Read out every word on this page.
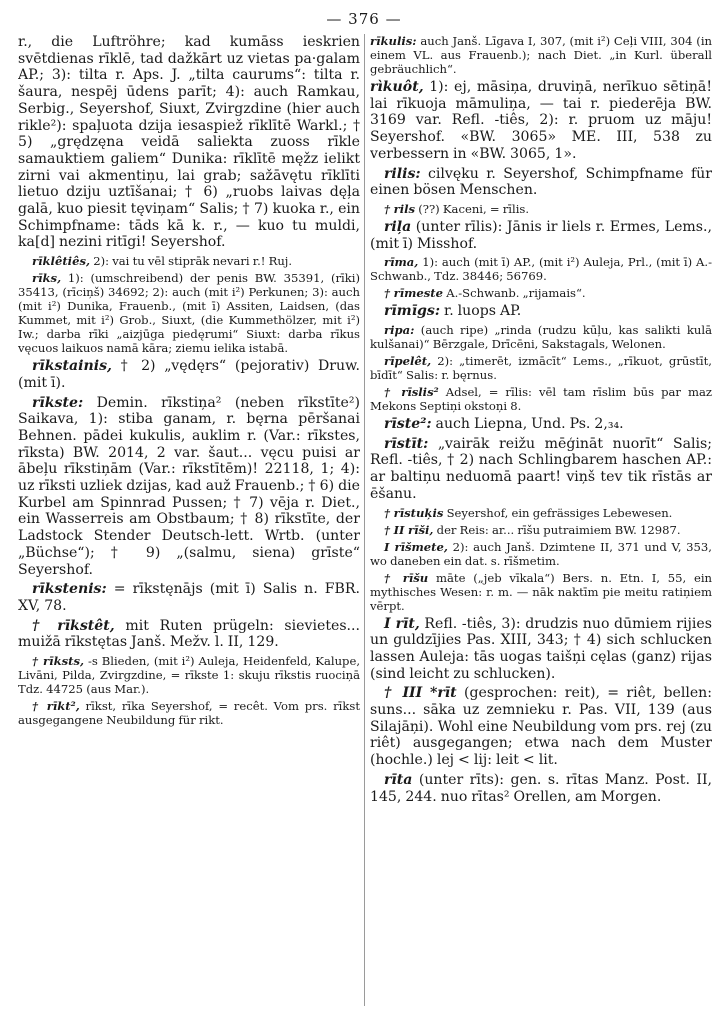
— 376 —

r., die Luftröhre; kad kumāss ieskrien svētdienas rīklē, tad dažkārt uz vietas pa·galam AP.; 3): tilta r. Aps. J. „tilta caurums“: tilta r. šaura, nespēj ūdens parīt; 4): auch Ramkau, Serbig., Seyershof, Siuxt, Zvirgzdine (hier auch rikle²): spaļuota dzija iesaspiež rīklītē Warkl.; † 5) „grędzęna veidā saliekta zuoss rīkle samauktiem galiem“ Dunika: rīklītē męžz ielikt zirni vai akmentiņu, lai grab; sažāvętu rīklīti lietuo dziju uztīšanai; † 6) „ruobs laivas dęļa galā, kuo piesit tęviņam“ Salis; † 7) kuoka r., ein Schimpfname: tāds kā k. r., — kuo tu muldi, ka[d] nezini ritīgi! Seyershof.

rīklêtiês, 2): vai tu vēl stiprāk nevari r.! Ruj.

rīks, 1): (umschreibend) der penis BW. 35391, (rīki) 35413, (rīciņš) 34692; 2): auch (mit i²) Perkunen; 3): auch (mit i²) Dunika, Frauenb., (mit ī) Assiten, Laidsen, (das Kummet, mit i²) Grob., Siuxt, (die Kummethölzer, mit i²) Iw.; darba rīki „aizjūga piedęrumi“ Siuxt: darba rīkus vęcuos laikuos namā kāra; ziemu ielika istabā.

rīkstainis, † 2) „vędęrs“ (pejorativ) Druw. (mit ī).

rīkste: Demin. rīkstiņa² (neben rīkstīte²) Saikava, 1): stiba ganam, r. bęrna pēršanai Behnen. pādei kukulis, auklim r. (Var.: rīkstes, rīksta) BW. 2014, 2 var. šaut... vęcu puisi ar ābeļu rīkstiņām (Var.: rīkstītēm)! 22118, 1; 4): uz rīksti uzliek dzijas, kad auž Frauenb.; † 6) die Kurbel am Spinnrad Pussen; † 7) vēja r. Diet., ein Wasserreis am Obstbaum; † 8) rīkstīte, der Ladstock Stender Deutsch-lett. Wrtb. (unter „Büchse“); † 9) „(salmu, siena) grīste“ Seyershof.

rīkstenis: = rīkstęnājs (mit ī) Salis n. FBR. XV, 78.

† rīkstêt, mit Ruten prügeln: sievietes... muižā rīkstętas Janš. Mežv. l. II, 129.

† rīksts, -s Blieden, (mit i²) Auleja, Heidenfeld, Kalupe, Livāni, Pilda, Zvirgzdine, = rīkste 1: skuju rīkstis ruociņā Tdz. 44725 (aus Mar.).

† rīkt², rīkst, rīka Seyershof, = recêt. Vom prs. rīkst ausgegangene Neubildung für rikt.

rīkulis: auch Janš. Līgava I, 307, (mit i²) Ceļi VIII, 304 (in einem VL. aus Frauenb.); nach Diet. „in Kurl. überall gebräuchlich“.

rìkuôt, 1): ej, māsiņa, druviņā, nerīkuo sētiņā! lai rīkuoja māmuliņa, — tai r. piederēja BW. 3169 var. Refl. -tiês, 2): r. pruom uz māju! Seyershof. «BW. 3065» ME. III, 538 zu verbessern in «BW. 3065, 1».

rilis: cilvęku r. Seyershof, Schimpfname für einen bösen Menschen.

† rils (??) Kaceni, = rīlis.

riļa (unter rīlis): Jānis ir liels r. Ermes, Lems., (mit ī) Misshof.

rīma, 1): auch (mit ī) AP., (mit i²) Auleja, Prl., (mit ī) A.-Schwanb., Tdz. 38446; 56769.

† rīmeste A.-Schwanb. „rijamais“.

rīmīgs: r. luops AP.

ripa: (auch ripe) „rinda (rudzu kūļu, kas salikti kulā kulšanai)“ Bērzgale, Drīcēni, Sakstagals, Welonen.

rīpelêt, 2): „timerēt, izmācīt“ Lems., „rīkuot, grūstīt, bīdīt“ Salis: r. bęrnus.

† rīslis² Adsel, = rīlis: vēl tam rīslim būs par maz Mekons Septiņi okstoņi 8.

rīste²: auch Liepna, Und. Ps. 2,₃₄.

rīstīt: „vairāk reižu mēģināt nuorīt“ Salis; Refl. -tiês, † 2) nach Schlingbarem haschen AP.: ar baltiņu neduomā paart! viņš tev tik rīstās ar ēšanu.

† rīstuķis Seyershof, ein gefrässiges Lebewesen.

† II rīši, der Reis: ar... rīšu putraimiem BW. 12987.

I rīšmete, 2): auch Janš. Dzimtene II, 371 und V, 353, wo daneben ein dat. s. rīšmetim.

† rīšu māte („jeb vīkala“) Bers. n. Etn. I, 55, ein mythisches Wesen: r. m. — nāk naktīm pie meitu ratiņiem vērpt.

I rīt, Refl. -tiês, 3): drudzis nuo dūmiem rijies un guldzījies Pas. XIII, 343; † 4) sich schlucken lassen Auleja: tās uogas taišņi cęlas (ganz) rijas (sind leicht zu schlucken).

† III *rīt (gesprochen: reit), = riêt, bellen: suns... sāka uz zemnieku r. Pas. VII, 139 (aus Silajāņi). Wohl eine Neubildung vom prs. rej (zu riêt) ausgegangen; etwa nach dem Muster (hochle.) lej < lij: leit < lit.

rīta (unter rīts): gen. s. rītas Manz. Post. II, 145, 244. nuo rītas² Orellen, am Morgen.
